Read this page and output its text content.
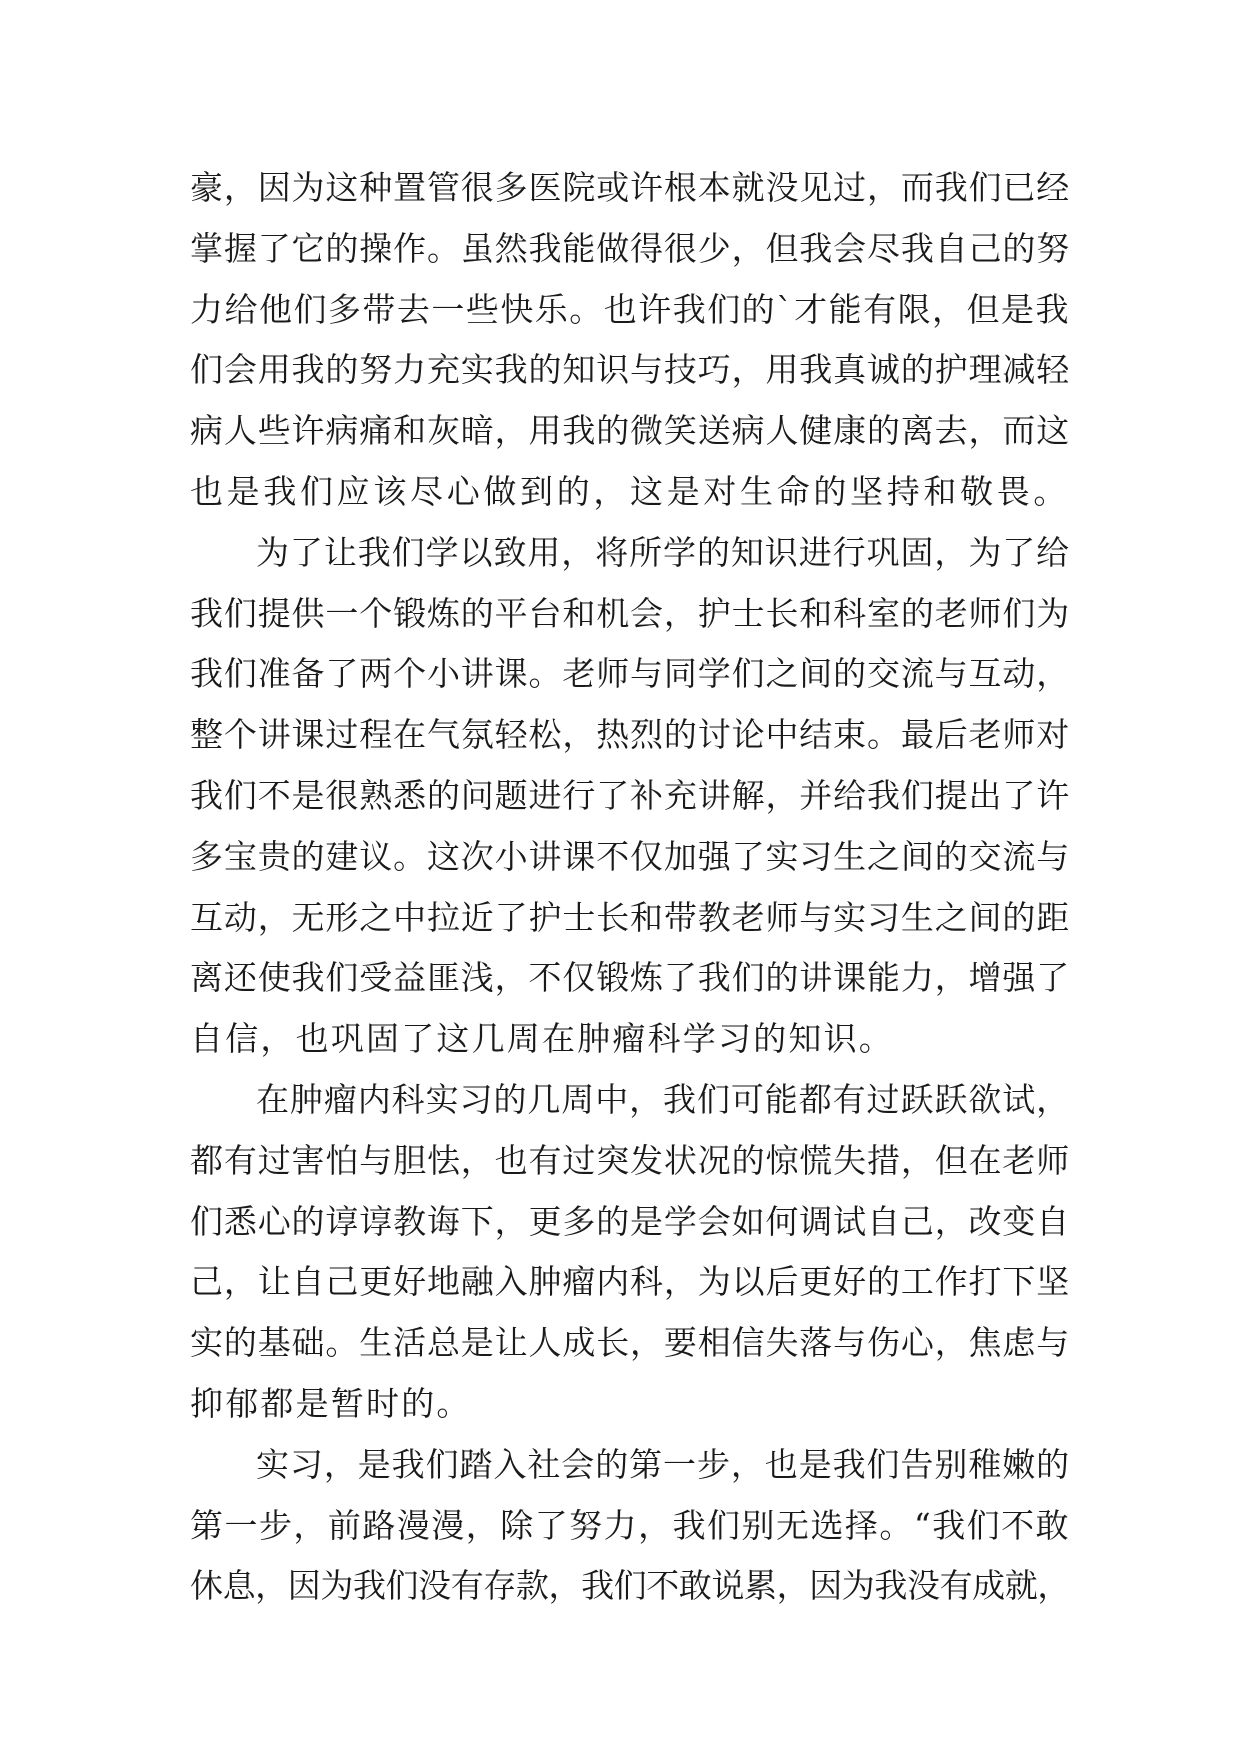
豪，因为这种置管很多医院或许根本就没见过，而我们已经
掌握了它的操作。虽然我能做得很少，但我会尽我自己的努
力给他们多带去一些快乐。也许我们的`才能有限，但是我
们会用我的努力充实我的知识与技巧，用我真诚的护理减轻
病人些许病痛和灰暗，用我的微笑送病人健康的离去，而这
也是我们应该尽心做到的，这是对生命的坚持和敬畏。
为了让我们学以致用，将所学的知识进行巩固，为了给
我们提供一个锻炼的平台和机会，护士长和科室的老师们为
我们准备了两个小讲课。老师与同学们之间的交流与互动，
整个讲课过程在气氛轻松，热烈的讨论中结束。最后老师对
我们不是很熟悉的问题进行了补充讲解，并给我们提出了许
多宝贵的建议。这次小讲课不仅加强了实习生之间的交流与
互动，无形之中拉近了护士长和带教老师与实习生之间的距
离还使我们受益匪浅，不仅锻炼了我们的讲课能力，增强了
自信，也巩固了这几周在肿瘤科学习的知识。
在肿瘤内科实习的几周中，我们可能都有过跃跃欲试，
都有过害怕与胆怯，也有过突发状况的惊慌失措，但在老师
们悉心的谆谆教诲下，更多的是学会如何调试自己，改变自
己，让自己更好地融入肿瘤内科，为以后更好的工作打下坚
实的基础。生活总是让人成长，要相信失落与伤心，焦虑与
抑郁都是暂时的。
实习，是我们踏入社会的第一步，也是我们告别稚嫩的
第一步，前路漫漫，除了努力，我们别无选择。“我们不敢
休息，因为我们没有存款，我们不敢说累，因为我没有成就，
